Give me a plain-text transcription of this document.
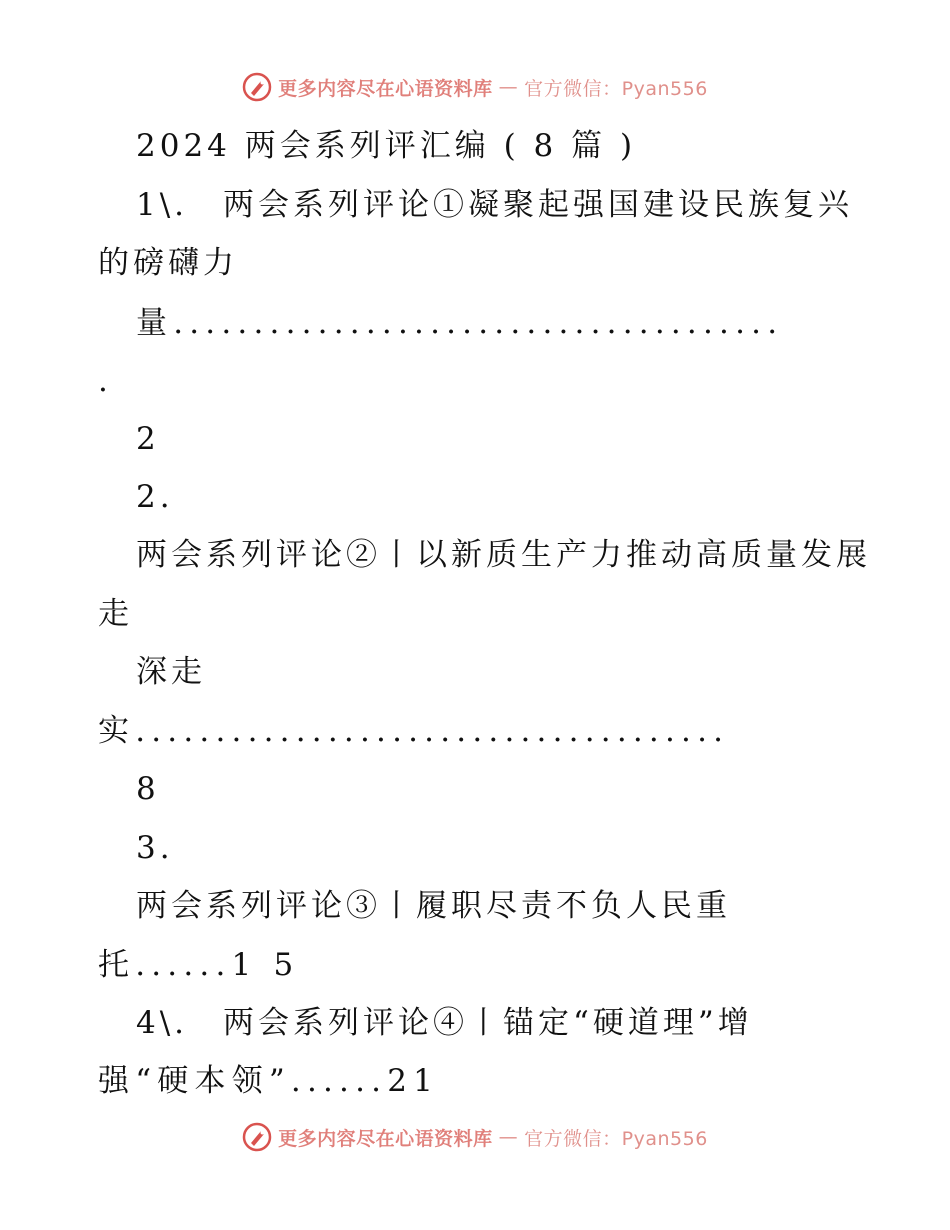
更多内容尽在心语资料库 — 官方微信：Pyan556
2024 两会系列评汇编 ( 8 篇 )
1\.　两会系列评论①凝聚起强国建设民族复兴
的磅礴力
量......................................
.
2
2.
两会系列评论②丨以新质生产力推动高质量发展
走
深走
实.....................................
8
3.
两会系列评论③丨履职尽责不负人民重
托......1 5
4\.　两会系列评论④丨锚定“硬道理”增
强“硬本领”......21
更多内容尽在心语资料库 — 官方微信：Pyan556
